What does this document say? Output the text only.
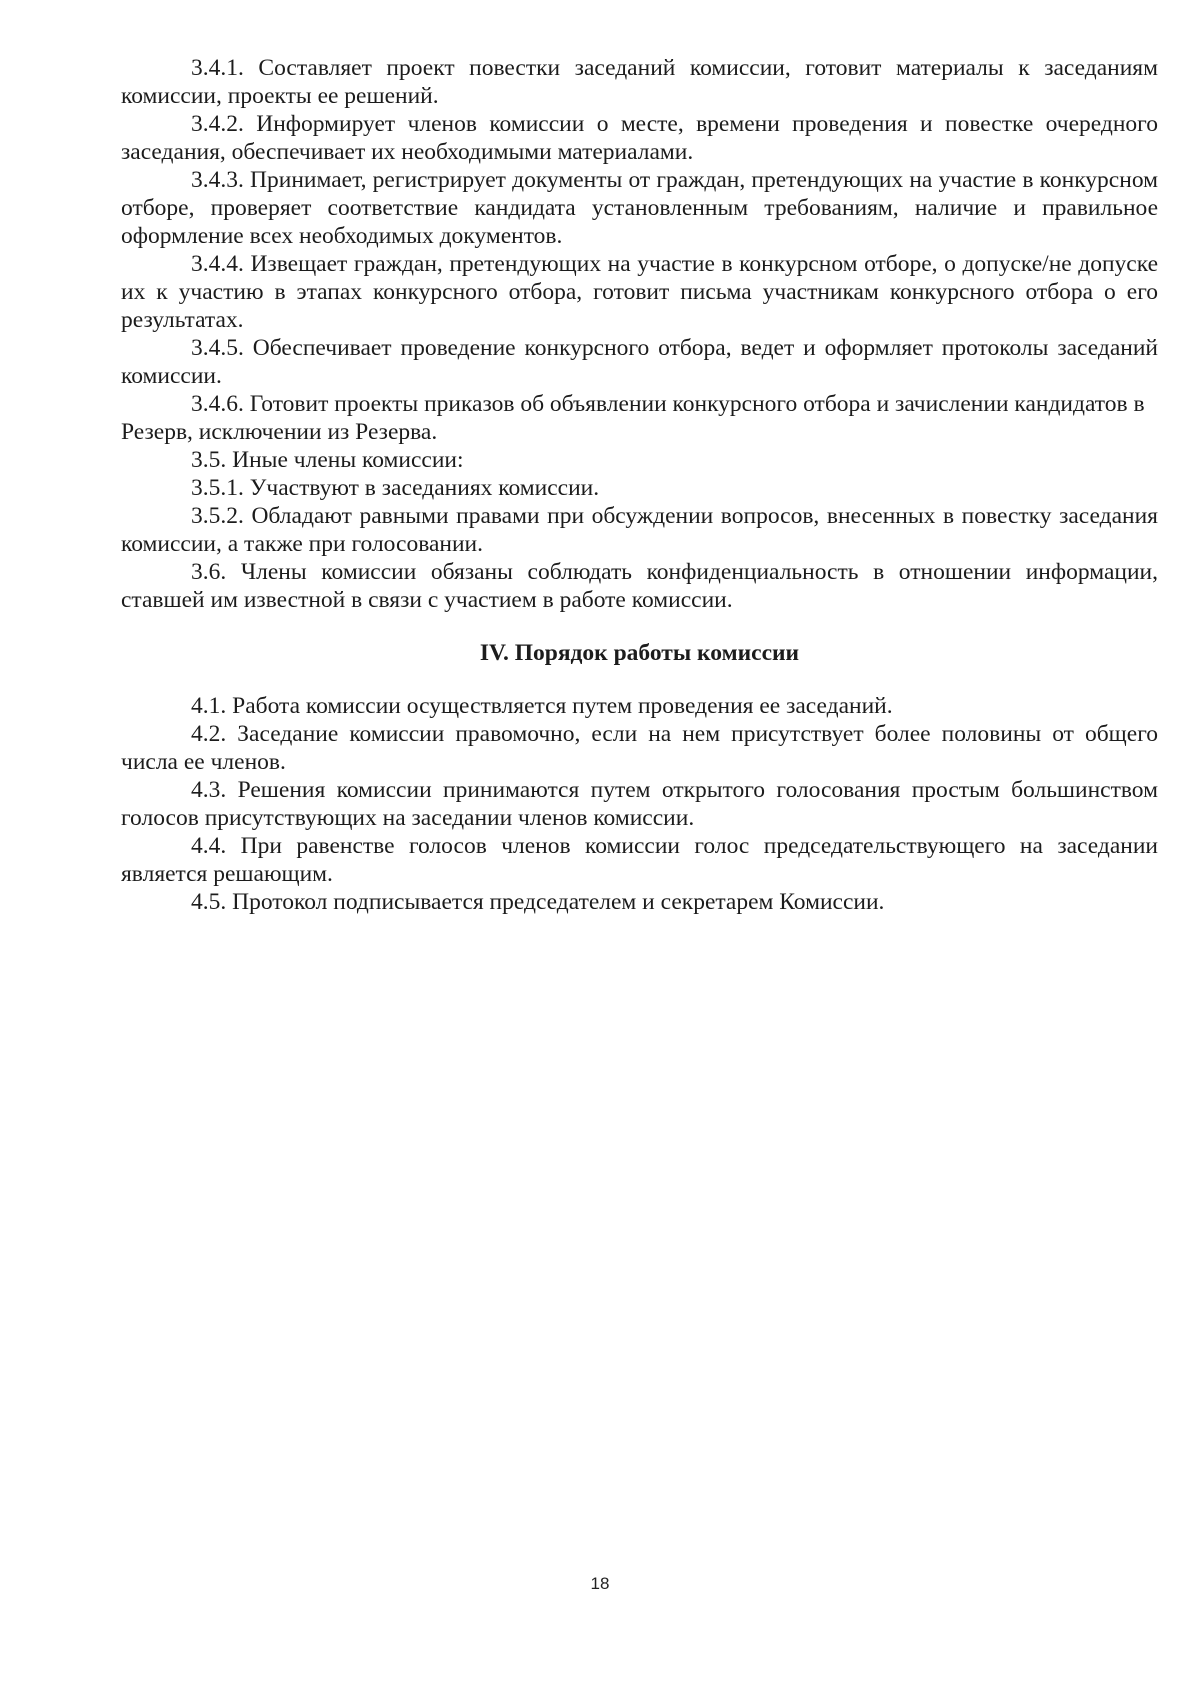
3.4.1. Составляет проект повестки заседаний комиссии, готовит материалы к заседаниям комиссии, проекты ее решений.

3.4.2. Информирует членов комиссии о месте, времени проведения и повестке очередного заседания, обеспечивает их необходимыми материалами.

3.4.3. Принимает, регистрирует документы от граждан, претендующих на участие в конкурсном отборе, проверяет соответствие кандидата установленным требованиям, наличие и правильное оформление всех необходимых документов.

3.4.4. Извещает граждан, претендующих на участие в конкурсном отборе, о допуске/не допуске их к участию в этапах конкурсного отбора, готовит письма участникам конкурсного отбора о его результатах.

3.4.5. Обеспечивает проведение конкурсного отбора, ведет и оформляет протоколы заседаний комиссии.

3.4.6. Готовит проекты приказов об объявлении конкурсного отбора и зачислении кандидатов в Резерв, исключении из Резерва.

3.5. Иные члены комиссии:

3.5.1. Участвуют в заседаниях комиссии.

3.5.2. Обладают равными правами при обсуждении вопросов, внесенных в повестку заседания комиссии, а также при голосовании.

3.6. Члены комиссии обязаны соблюдать конфиденциальность в отношении информации, ставшей им известной в связи с участием в работе комиссии.

IV. Порядок работы комиссии

4.1. Работа комиссии осуществляется путем проведения ее заседаний.

4.2. Заседание комиссии правомочно, если на нем присутствует более половины от общего числа ее членов.

4.3. Решения комиссии принимаются путем открытого голосования простым большинством голосов присутствующих на заседании членов комиссии.

4.4. При равенстве голосов членов комиссии голос председательствующего на заседании является решающим.

4.5. Протокол подписывается председателем и секретарем Комиссии.

18
